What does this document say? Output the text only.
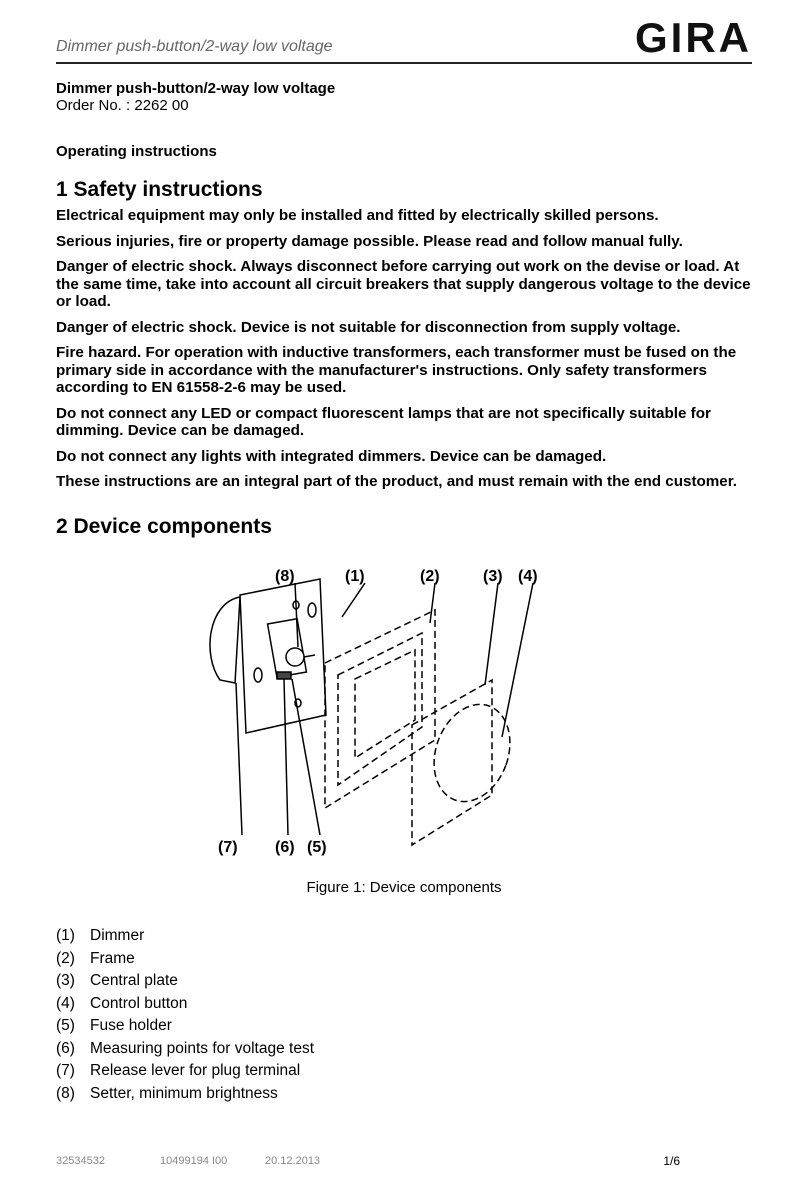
Dimmer push-button/2-way low voltage	GIRA
Dimmer push-button/2-way low voltage
Order No. : 2262 00
Operating instructions
1 Safety instructions
Electrical equipment may only be installed and fitted by electrically skilled persons.
Serious injuries, fire or property damage possible. Please read and follow manual fully.
Danger of electric shock. Always disconnect before carrying out work on the devise or load. At the same time, take into account all circuit breakers that supply dangerous voltage to the device or load.
Danger of electric shock. Device is not suitable for disconnection from supply voltage.
Fire hazard. For operation with inductive transformers, each transformer must be fused on the primary side in accordance with the manufacturer's instructions. Only safety transformers according to EN 61558-2-6 may be used.
Do not connect any LED or compact fluorescent lamps that are not specifically suitable for dimming. Device can be damaged.
Do not connect any lights with integrated dimmers. Device can be damaged.
These instructions are an integral part of the product, and must remain with the end customer.
2 Device components
(8)	(1)	(2)	(3) (4)
(7) (6) (5)
Figure 1: Device components
(1) Dimmer
(2) Frame
(3) Central plate
(4) Control button
(5) Fuse holder
(6) Measuring points for voltage test
(7) Release lever for plug terminal
(8) Setter, minimum brightness
32534532	10499194 I00	20.12.2013	1/6
